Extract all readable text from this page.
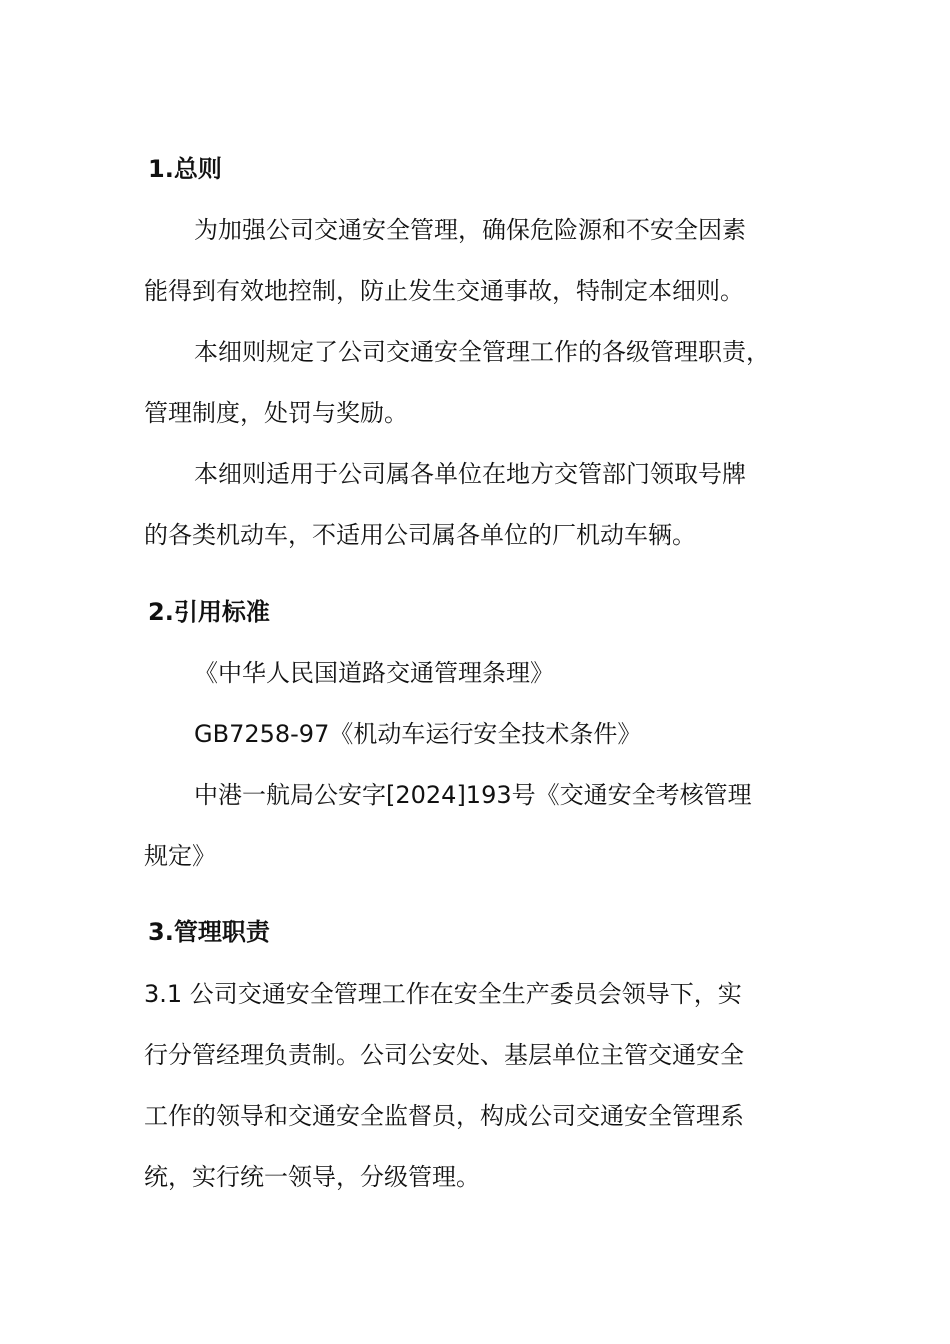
1.总则
为加强公司交通安全管理，确保危险源和不安全因素
能得到有效地控制，防止发生交通事故，特制定本细则。
本细则规定了公司交通安全管理工作的各级管理职责，
管理制度，处罚与奖励。
本细则适用于公司属各单位在地方交管部门领取号牌
的各类机动车，不适用公司属各单位的厂机动车辆。
2.引用标准
《中华人民国道路交通管理条理》
GB7258-97《机动车运行安全技术条件》
中港一航局公安字[2024]193号《交通安全考核管理
规定》
3.管理职责
3.1 公司交通安全管理工作在安全生产委员会领导下，实
行分管经理负责制。公司公安处、基层单位主管交通安全
工作的领导和交通安全监督员，构成公司交通安全管理系
统，实行统一领导，分级管理。
